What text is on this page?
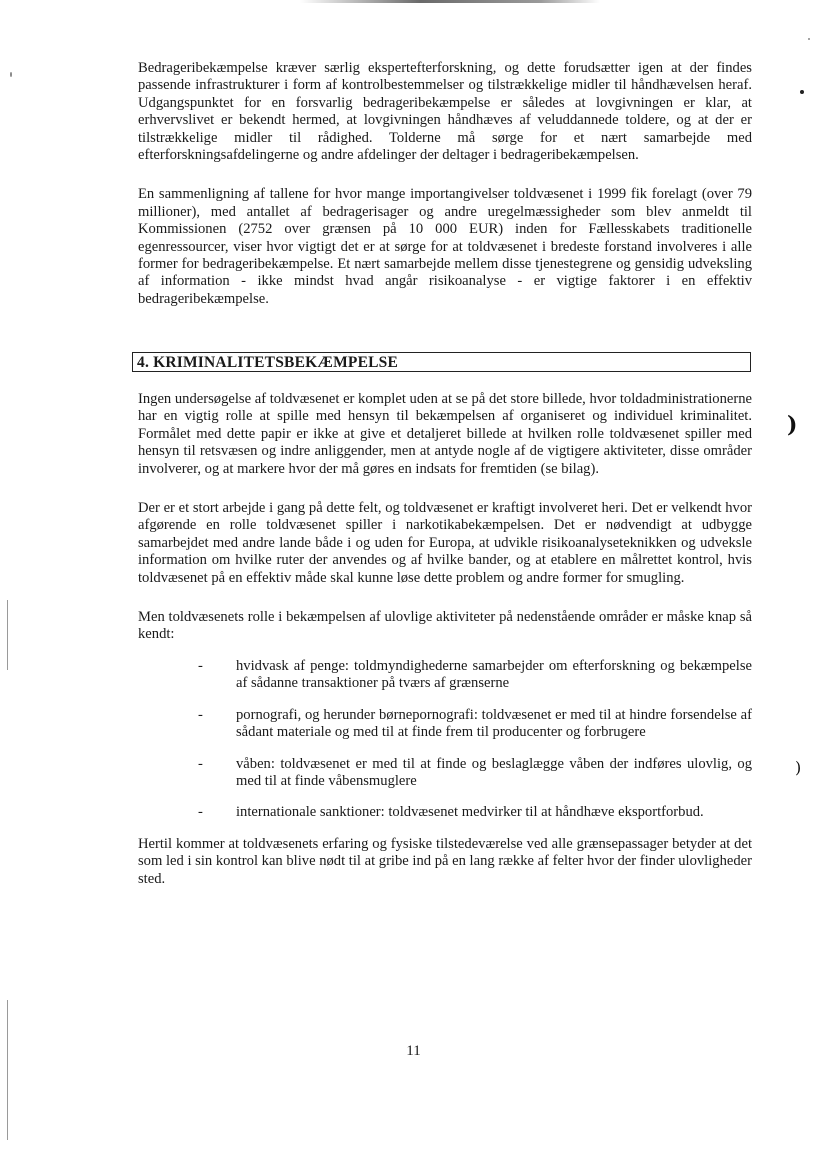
)
)

Bedrageribekæmpelse kræver særlig ekspertefterforskning, og dette forudsætter igen at der findes passende infrastrukturer i form af kontrolbestemmelser og tilstrækkelige midler til håndhævelsen heraf. Udgangspunktet for en forsvarlig bedrageribekæmpelse er således at lovgivningen er klar, at erhvervslivet er bekendt hermed, at lovgivningen håndhæves af veluddannede toldere, og at der er tilstrækkelige midler til rådighed. Tolderne må sørge for et nært samarbejde med efterforskningsafdelingerne og andre afdelinger der deltager i bedrageribekæmpelsen.

En sammenligning af tallene for hvor mange importangivelser toldvæsenet i 1999 fik forelagt (over 79 millioner), med antallet af bedragerisager og andre uregelmæssigheder som blev anmeldt til Kommissionen (2752 over grænsen på 10 000 EUR) inden for Fællesskabets traditionelle egenressourcer, viser hvor vigtigt det er at sørge for at toldvæsenet i bredeste forstand involveres i alle former for bedrageribekæmpelse. Et nært samarbejde mellem disse tjenestegrene og gensidig udveksling af information - ikke mindst hvad angår risikoanalyse - er vigtige faktorer i en effektiv bedrageribekæmpelse.

4. KRIMINALITETSBEKÆMPELSE

Ingen undersøgelse af toldvæsenet er komplet uden at se på det store billede, hvor toldadministrationerne har en vigtig rolle at spille med hensyn til bekæmpelsen af organiseret og individuel kriminalitet. Formålet med dette papir er ikke at give et detaljeret billede at hvilken rolle toldvæsenet spiller med hensyn til retsvæsen og indre anliggender, men at antyde nogle af de vigtigere aktiviteter, disse områder involverer, og at markere hvor der må gøres en indsats for fremtiden (se bilag).

Der er et stort arbejde i gang på dette felt, og toldvæsenet er kraftigt involveret heri. Det er velkendt hvor afgørende en rolle toldvæsenet spiller i narkotikabekæmpelsen. Det er nødvendigt at udbygge samarbejdet med andre lande både i og uden for Europa, at udvikle risikoanalyseteknikken og udveksle information om hvilke ruter der anvendes og af hvilke bander, og at etablere en målrettet kontrol, hvis toldvæsenet på en effektiv måde skal kunne løse dette problem og andre former for smugling.

Men toldvæsenets rolle i bekæmpelsen af ulovlige aktiviteter på nedenstående områder er måske knap så kendt:

- hvidvask af penge: toldmyndighederne samarbejder om efterforskning og bekæmpelse af sådanne transaktioner på tværs af grænserne
- pornografi, og herunder børnepornografi: toldvæsenet er med til at hindre forsendelse af sådant materiale og med til at finde frem til producenter og forbrugere
- våben: toldvæsenet er med til at finde og beslaglægge våben der indføres ulovlig, og med til at finde våbensmuglere
- internationale sanktioner: toldvæsenet medvirker til at håndhæve eksportforbud.

Hertil kommer at toldvæsenets erfaring og fysiske tilstedeværelse ved alle grænsepassager betyder at det som led i sin kontrol kan blive nødt til at gribe ind på en lang række af felter hvor der finder ulovligheder sted.

11
